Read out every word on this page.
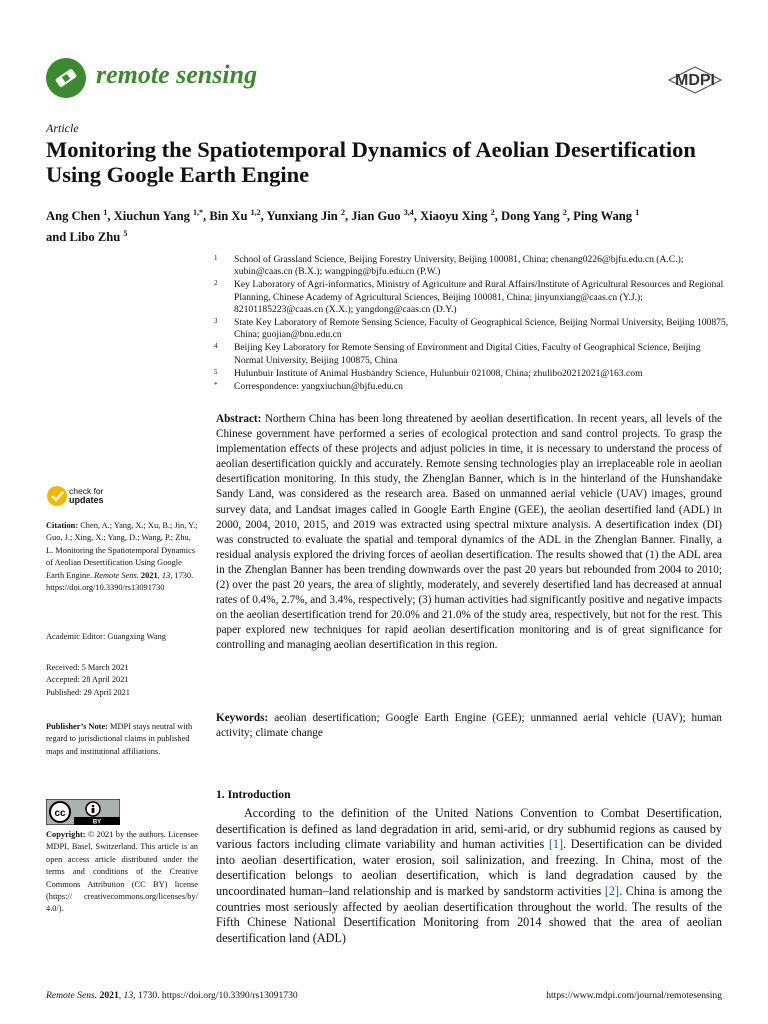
remote sensing	MDPI
Article
Monitoring the Spatiotemporal Dynamics of Aeolian Desertification Using Google Earth Engine
Ang Chen $^1$, Xiuchun Yang $^{1,*}$, Bin Xu $^{1,2}$, Yunxiang Jin $^2$, Jian Guo $^{3,4}$, Xiaoyu Xing $^2$, Dong Yang $^2$, Ping Wang $^1$
and Libo Zhu $^5$
1 School of Grassland Science, Beijing Forestry University, Beijing 100081, China; chenang0226@bjfu.edu.cn (A.C.); xubin@caas.cn (B.X.); wangping@bjfu.edu.cn (P.W.)
2 Key Laboratory of Agri-informatics, Ministry of Agriculture and Rural Affairs/Institute of Agricultural Resources and Regional Planning, Chinese Academy of Agricultural Sciences, Beijing 100081, China; jinyunxiang@caas.cn (Y.J.); 82101185223@caas.cn (X.X.); yangdong@caas.cn (D.Y.)
3 State Key Laboratory of Remote Sensing Science, Faculty of Geographical Science, Beijing Normal University, Beijing 100875, China; guojian@bnu.edu.cn
4 Beijing Key Laboratory for Remote Sensing of Environment and Digital Cities, Faculty of Geographical Science, Beijing Normal University, Beijing 100875, China
5 Hulunbuir Institute of Animal Husbandry Science, Hulunbuir 021008, China; zhulibo20212021@163.com
* Correspondence: yangxiuchun@bjfu.edu.cn
Abstract: Northern China has been long threatened by aeolian desertification. In recent years, all levels of the Chinese government have performed a series of ecological protection and sand control projects. To grasp the implementation effects of these projects and adjust policies in time, it is necessary to understand the process of aeolian desertification quickly and accurately. Remote sensing technologies play an irreplaceable role in aeolian desertification monitoring. In this study, the Zhenglan Banner, which is in the hinterland of the Hunshandake Sandy Land, was considered as the research area. Based on unmanned aerial vehicle (UAV) images, ground survey data, and Landsat images called in Google Earth Engine (GEE), the aeolian desertified land (ADL) in 2000, 2004, 2010, 2015, and 2019 was extracted using spectral mixture analysis. A desertification index (DI) was constructed to evaluate the spatial and temporal dynamics of the ADL in the Zhenglan Banner. Finally, a residual analysis explored the driving forces of aeolian desertification. The results showed that (1) the ADL area in the Zhenglan Banner has been trending downwards over the past 20 years but rebounded from 2004 to 2010; (2) over the past 20 years, the area of slightly, moderately, and severely desertified land has decreased at annual rates of 0.4%, 2.7%, and 3.4%, respectively; (3) human activities had significantly positive and negative impacts on the aeolian desertification trend for 20.0% and 21.0% of the study area, respectively, but not for the rest. This paper explored new techniques for rapid aeolian desertification monitoring and is of great significance for controlling and managing aeolian desertification in this region.
Keywords: aeolian desertification; Google Earth Engine (GEE); unmanned aerial vehicle (UAV); human activity; climate change
check for
updates
Citation: Chen, A.; Yang, X.; Xu, B.; Jin, Y.; Guo, J.; Xing, X.; Yang, D.; Wang, P.; Zhu, L. Monitoring the Spatiotemporal Dynamics of Aeolian Desertification Using Google Earth Engine. Remote Sens. 2021, 13, 1730. https://doi.org/10.3390/rs13091730
Academic Editor: Guangxing Wang
Received: 5 March 2021
Accepted: 28 April 2021
Published: 29 April 2021
Publisher’s Note: MDPI stays neutral with regard to jurisdictional claims in published maps and institutional affiliations.
cc
BY
Copyright: © 2021 by the authors. Licensee MDPI, Basel, Switzerland. This article is an open access article distributed under the terms and conditions of the Creative Commons Attribution (CC BY) license (https:// creativecommons.org/licenses/by/ 4.0/).
1. Introduction

According to the definition of the United Nations Convention to Combat Desertification, desertification is defined as land degradation in arid, semi-arid, or dry subhumid regions as caused by various factors including climate variability and human activities [1]. Desertification can be divided into aeolian desertification, water erosion, soil salinization, and freezing. In China, most of the desertification belongs to aeolian desertification, which is land degradation caused by the uncoordinated human–land relationship and is marked by sandstorm activities [2]. China is among the countries most seriously affected by aeolian desertification throughout the world. The results of the Fifth Chinese National Desertification Monitoring from 2014 showed that the area of aeolian desertification land (ADL)

Remote Sens. 2021, 13, 1730. https://doi.org/10.3390/rs13091730	https://www.mdpi.com/journal/remotesensing
